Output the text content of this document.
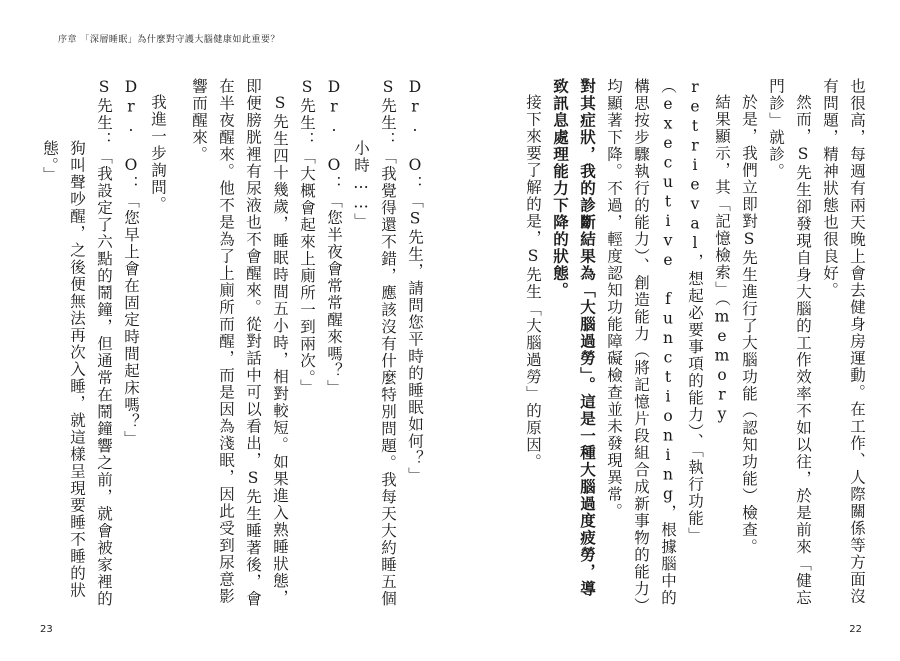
也很高，每週有兩天晚上會去健身房運動。在工作、人際關係等方面沒有問題，精神狀態也很良好。

然而，S先生卻發現自身大腦的工作效率不如以往，於是前來「健忘門診」就診。

於是，我們立即對S先生進行了大腦功能（認知功能）檢查。

結果顯示，其「記憶檢索」（memory retrieval，想起必要事項的能力）、「執行功能」（executive functioning，根據腦中的構思按步驟執行的能力）、創造能力（將記憶片段組合成新事物的能力）均顯著下降。不過，輕度認知功能障礙檢查並未發現異常。

對其症狀，我的診斷結果為「大腦過勞」。這是一種大腦過度疲勞，導致訊息處理能力下降的狀態。

接下來要了解的是，S先生「大腦過勞」的原因。

22
序章 「深層睡眠」為什麼對守護大腦健康如此重要？

Dr. O：「S先生，請問您平時的睡眠如何？」

S先生：「我覺得還不錯，應該沒有什麼特別問題。我每天大約睡五個小時……」

Dr. O：「您半夜會常常醒來嗎？」

S先生：「大概會起來上廁所一到兩次。」

S先生四十幾歲，睡眠時間五小時，相對較短。如果進入熟睡狀態，即便膀胱裡有尿液也不會醒來。從對話中可以看出，S先生睡著後，會在半夜醒來。他不是為了上廁所而醒，而是因為淺眠，因此受到尿意影響而醒來。

我進一步詢問。

Dr. O：「您早上會在固定時間起床嗎？」

S先生：「我設定了六點的鬧鐘，但通常在鬧鐘響之前，就會被家裡的狗叫聲吵醒，之後便無法再次入睡，就這樣呈現要睡不睡的狀態。」

23
